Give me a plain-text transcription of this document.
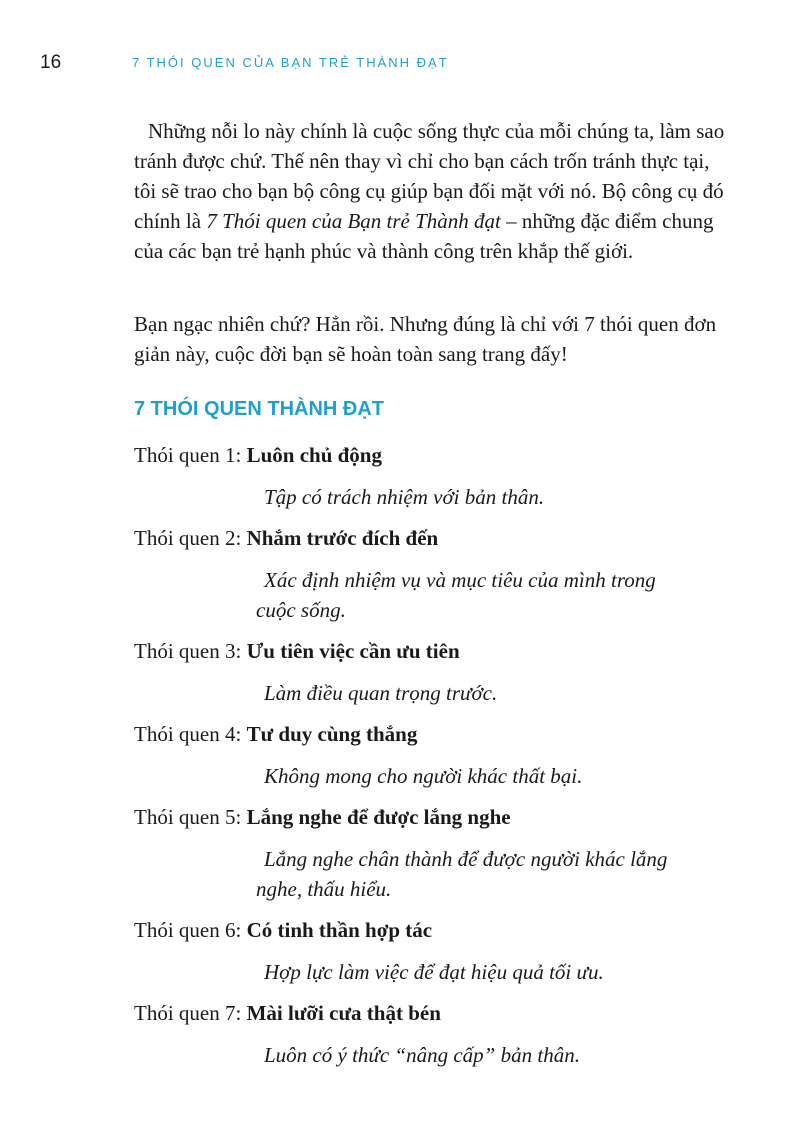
16	7 THÓI QUEN CỦA BẠN TRẺ THÀNH ĐẠT

Những nỗi lo này chính là cuộc sống thực của mỗi chúng ta, làm sao tránh được chứ. Thế nên thay vì chỉ cho bạn cách trốn tránh thực tại, tôi sẽ trao cho bạn bộ công cụ giúp bạn đối mặt với nó. Bộ công cụ đó chính là 7 Thói quen của Bạn trẻ Thành đạt – những đặc điểm chung của các bạn trẻ hạnh phúc và thành công trên khắp thế giới.

Bạn ngạc nhiên chứ? Hẳn rồi. Nhưng đúng là chỉ với 7 thói quen đơn giản này, cuộc đời bạn sẽ hoàn toàn sang trang đấy!

7 THÓI QUEN THÀNH ĐẠT
Thói quen 1: Luôn chủ động
Tập có trách nhiệm với bản thân.
Thói quen 2: Nhắm trước đích đến
Xác định nhiệm vụ và mục tiêu của mình trong cuộc sống.
Thói quen 3: Ưu tiên việc cần ưu tiên
Làm điều quan trọng trước.
Thói quen 4: Tư duy cùng thắng
Không mong cho người khác thất bại.
Thói quen 5: Lắng nghe để được lắng nghe
Lắng nghe chân thành để được người khác lắng nghe, thấu hiểu.
Thói quen 6: Có tinh thần hợp tác
Hợp lực làm việc để đạt hiệu quả tối ưu.
Thói quen 7: Mài lưỡi cưa thật bén
Luôn có ý thức “nâng cấp” bản thân.
